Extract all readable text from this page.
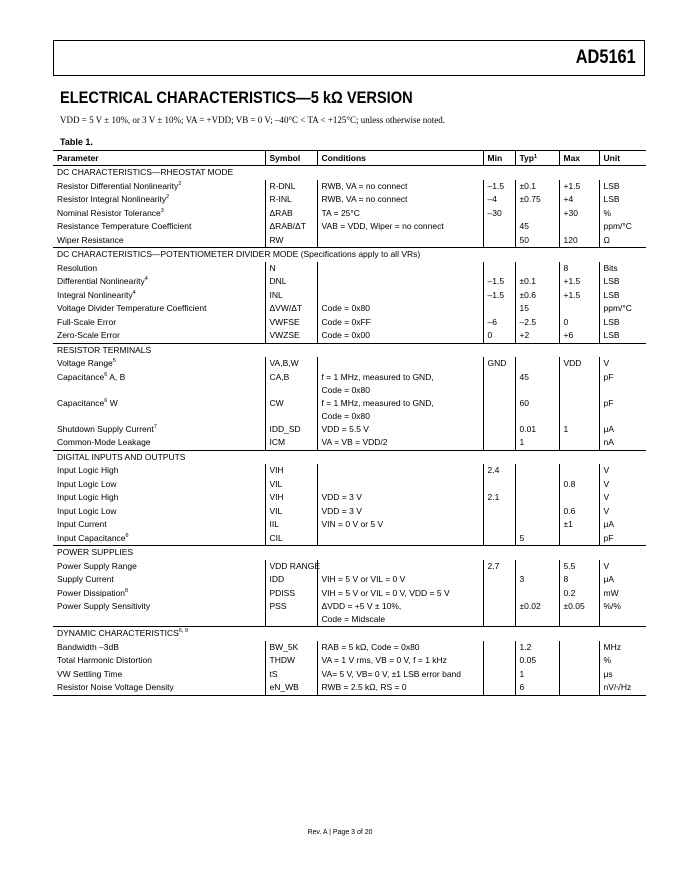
AD5161
ELECTRICAL CHARACTERISTICS—5 kΩ VERSION
VDD = 5 V ± 10%, or 3 V ± 10%; VA = +VDD; VB = 0 V; –40°C < TA < +125°C; unless otherwise noted.
Table 1.
Parameter	Symbol	Conditions	Min	Typ$^1$	Max	Unit
DC CHARACTERISTICS—RHEOSTAT MODE						
Resistor Differential Nonlinearity$^2$	R-DNL	RWB, VA = no connect	–1.5	±0.1	+1.5	LSB
Resistor Integral Nonlinearity$^2$	R-INL	RWB, VA = no connect	–4	±0.75	+4	LSB
Nominal Resistor Tolerance$^3$	ΔRAB	TA = 25°C	–30		+30	%
Resistance Temperature Coefficient	ΔRAB/ΔT	VAB = VDD, Wiper = no connect		45		ppm/°C
Wiper Resistance	RW			50	120	Ω
DC CHARACTERISTICS—POTENTIOMETER DIVIDER MODE (Specifications apply to all VRs)						
Resolution	N				8	Bits
Differential Nonlinearity$^4$	DNL		–1.5	±0.1	+1.5	LSB
Integral Nonlinearity$^4$	INL		–1.5	±0.6	+1.5	LSB
Voltage Divider Temperature Coefficient	ΔVW/ΔT	Code = 0x80		15		ppm/°C
Full-Scale Error	VWFSE	Code = 0xFF	–6	–2.5	0	LSB
Zero-Scale Error	VWZSE	Code = 0x00	0	+2	+6	LSB
RESISTOR TERMINALS						
Voltage Range$^5$	VA,B,W		GND		VDD	V
Capacitance$^6$ A, B	CA,B	f = 1 MHz, measured to GND,
Code = 0x80		45		pF
Capacitance$^6$ W	CW	f = 1 MHz, measured to GND,
Code = 0x80		60		pF
Shutdown Supply Current$^7$	IDD_SD	VDD = 5.5 V		0.01	1	μA
Common-Mode Leakage	ICM	VA = VB = VDD/2		1		nA
DIGITAL INPUTS AND OUTPUTS						
Input Logic High	VIH		2.4			V
Input Logic Low	VIL				0.8	V
Input Logic High	VIH	VDD = 3 V	2.1			V
Input Logic Low	VIL	VDD = 3 V			0.6	V
Input Current	IIL	VIN = 0 V or 5 V			±1	μA
Input Capacitance$^6$	CIL			5		pF
POWER SUPPLIES						
Power Supply Range	VDD RANGE		2.7		5.5	V
Supply Current	IDD	VIH = 5 V or VIL = 0 V		3	8	μA
Power Dissipation$^8$	PDISS	VIH = 5 V or VIL = 0 V, VDD = 5 V			0.2	mW
Power Supply Sensitivity	PSS	ΔVDD = +5 V ± 10%,
Code = Midscale		±0.02	±0.05	%/%
DYNAMIC CHARACTERISTICS$^{6, 9}$
Bandwidth –3dB	BW_5K	RAB = 5 kΩ, Code = 0x80		1.2		MHz
Total Harmonic Distortion	THDW	VA = 1 V rms, VB = 0 V, f = 1 kHz		0.05		%
VW Settling Time	tS	VA= 5 V, VB= 0 V, ±1 LSB error band		1		μs
Resistor Noise Voltage Density	eN_WB	RWB = 2.5 kΩ, RS = 0		6		nV/√Hz
Rev. A | Page 3 of 20
